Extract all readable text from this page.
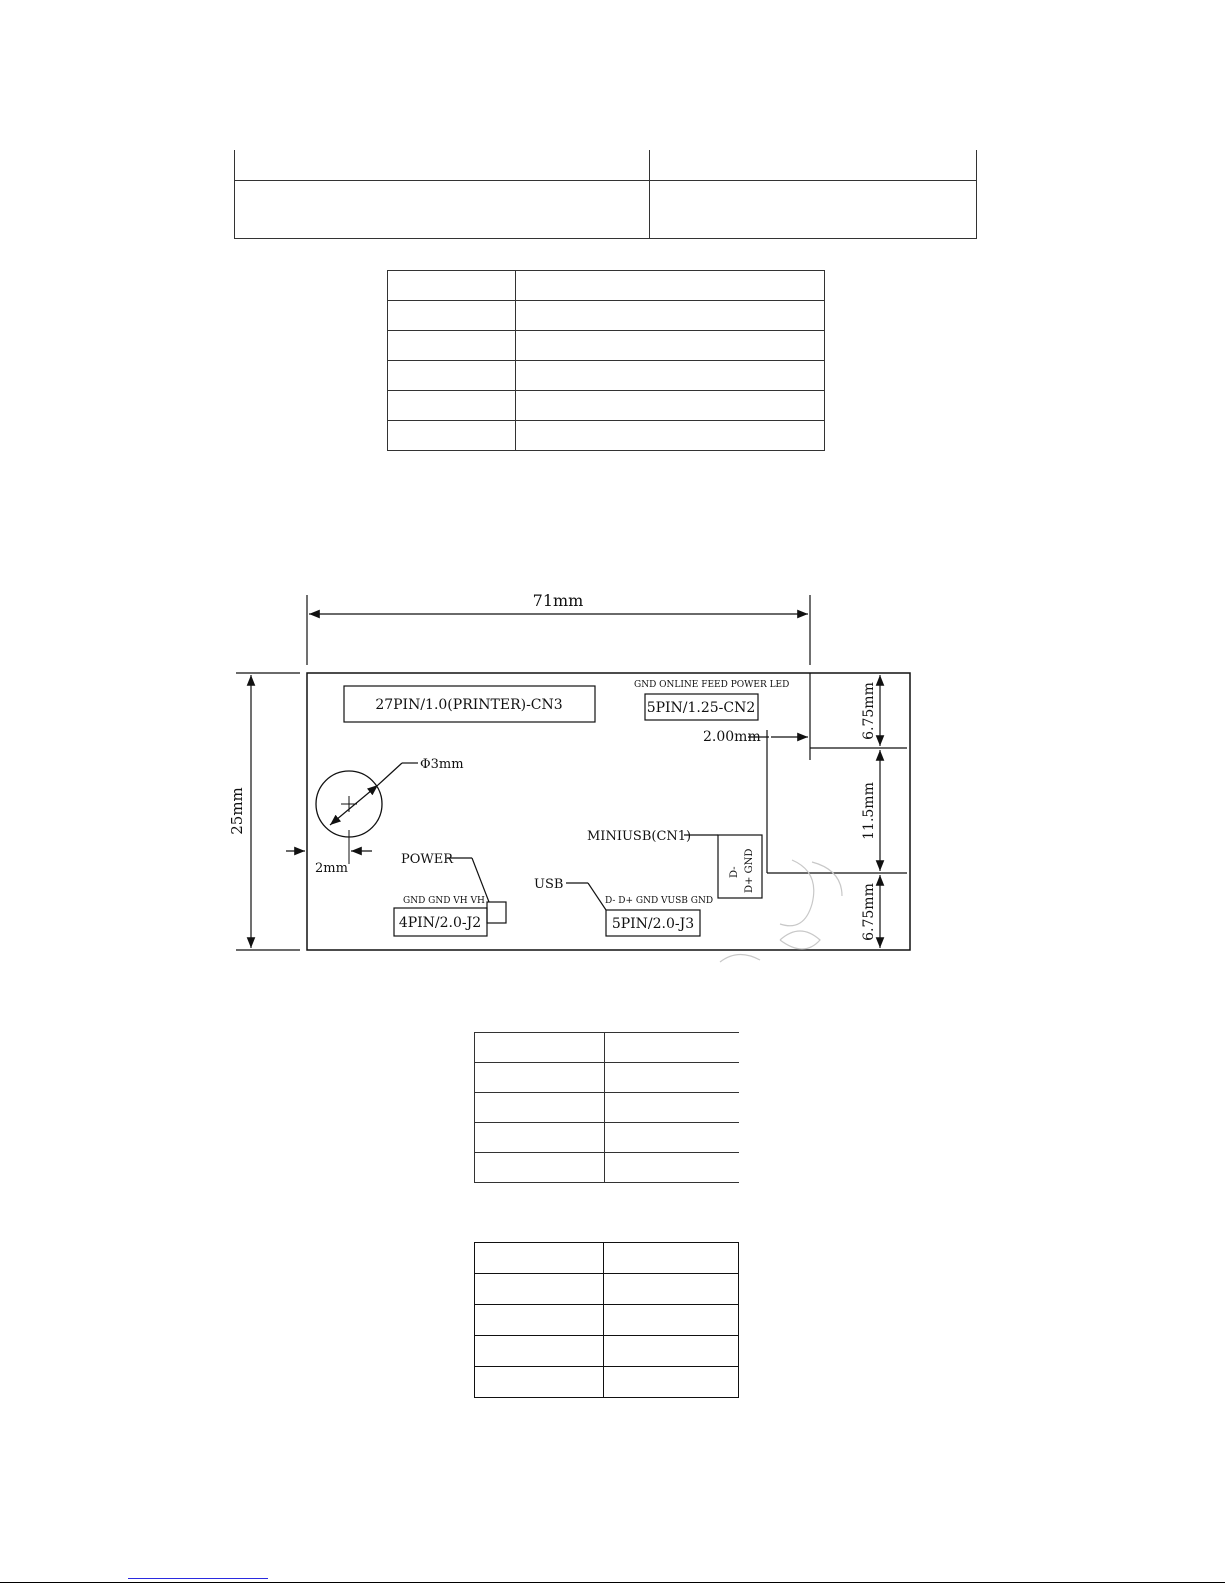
71mm
25mm
6.75mm
11.5mm
6.75mm
2.00mm
27PIN/1.0(PRINTER)-CN3
GND ONLINE FEED POWER LED
5PIN/1.25-CN2
Φ3mm
2mm
POWER
GND GND VH VH
4PIN/2.0-J2
USB
D- D+ GND VUSB GND
5PIN/2.0-J3
MINIUSB(CN1)
D- D+ GND
